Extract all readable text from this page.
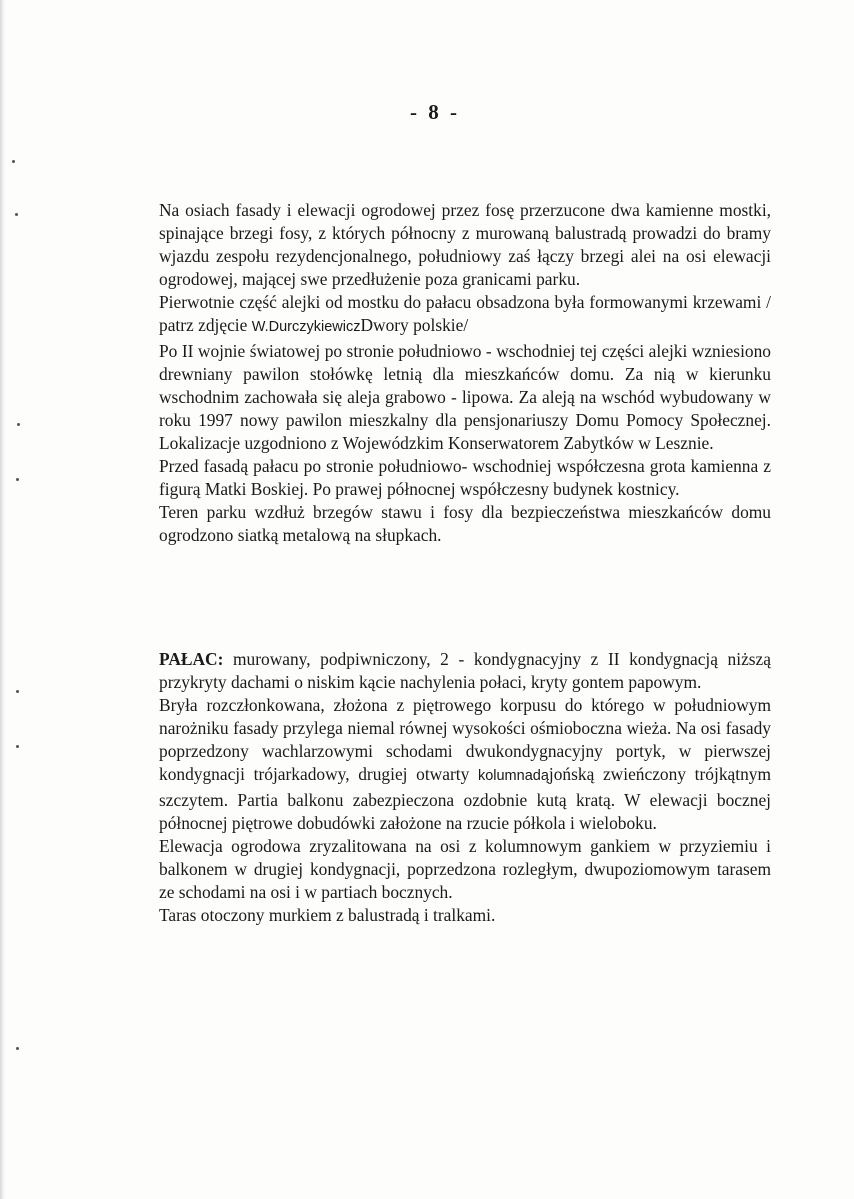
- 8 -

Na osiach fasady i elewacji ogrodowej przez fosę przerzucone dwa kamienne mostki, spinające brzegi fosy, z których północny z murowaną balustradą prowadzi do bramy wjazdu zespołu rezydencjonalnego, południowy zaś łączy brzegi alei na osi elewacji ogrodowej, mającej swe przedłużenie poza granicami parku.

Pierwotnie część alejki od mostku do pałacu obsadzona była formowanymi krzewami / patrz zdjęcie W.DurczykiewiczDwory polskie/

Po II wojnie światowej po stronie południowo - wschodniej tej części alejki wzniesiono drewniany pawilon stołówkę letnią dla mieszkańców domu. Za nią w kierunku wschodnim zachowała się aleja grabowo - lipowa. Za aleją na wschód wybudowany w roku 1997 nowy pawilon mieszkalny dla pensjonariuszy Domu Pomocy Społecznej. Lokalizacje uzgodniono z Wojewódzkim Konserwatorem Zabytków w Lesznie.

Przed fasadą pałacu po stronie południowo- wschodniej współczesna grota kamienna z figurą Matki Boskiej. Po prawej północnej współczesny budynek kostnicy.

Teren parku wzdłuż brzegów stawu i fosy dla bezpieczeństwa mieszkańców domu ogrodzono siatką metalową na słupkach.

PAŁAC: murowany, podpiwniczony, 2 - kondygnacyjny z II kondygnacją niższą przykryty dachami o niskim kącie nachylenia połaci, kryty gontem papowym.

Bryła rozczłonkowana, złożona z piętrowego korpusu do którego w południowym narożniku fasady przylega niemal równej wysokości ośmioboczna wieża. Na osi fasady poprzedzony wachlarzowymi schodami dwukondygnacyjny portyk, w pierwszej kondygnacji trójarkadowy, drugiej otwarty kolumnadąjońską zwieńczony trójkątnym szczytem. Partia balkonu zabezpieczona ozdobnie kutą kratą. W elewacji bocznej północnej piętrowe dobudówki założone na rzucie półkola i wieloboku.

Elewacja ogrodowa zryzalitowana na osi z kolumnowym gankiem w przyziemiu i balkonem w drugiej kondygnacji, poprzedzona rozległym, dwupoziomowym tarasem ze schodami na osi i w partiach bocznych.

Taras otoczony murkiem z balustradą i tralkami.
